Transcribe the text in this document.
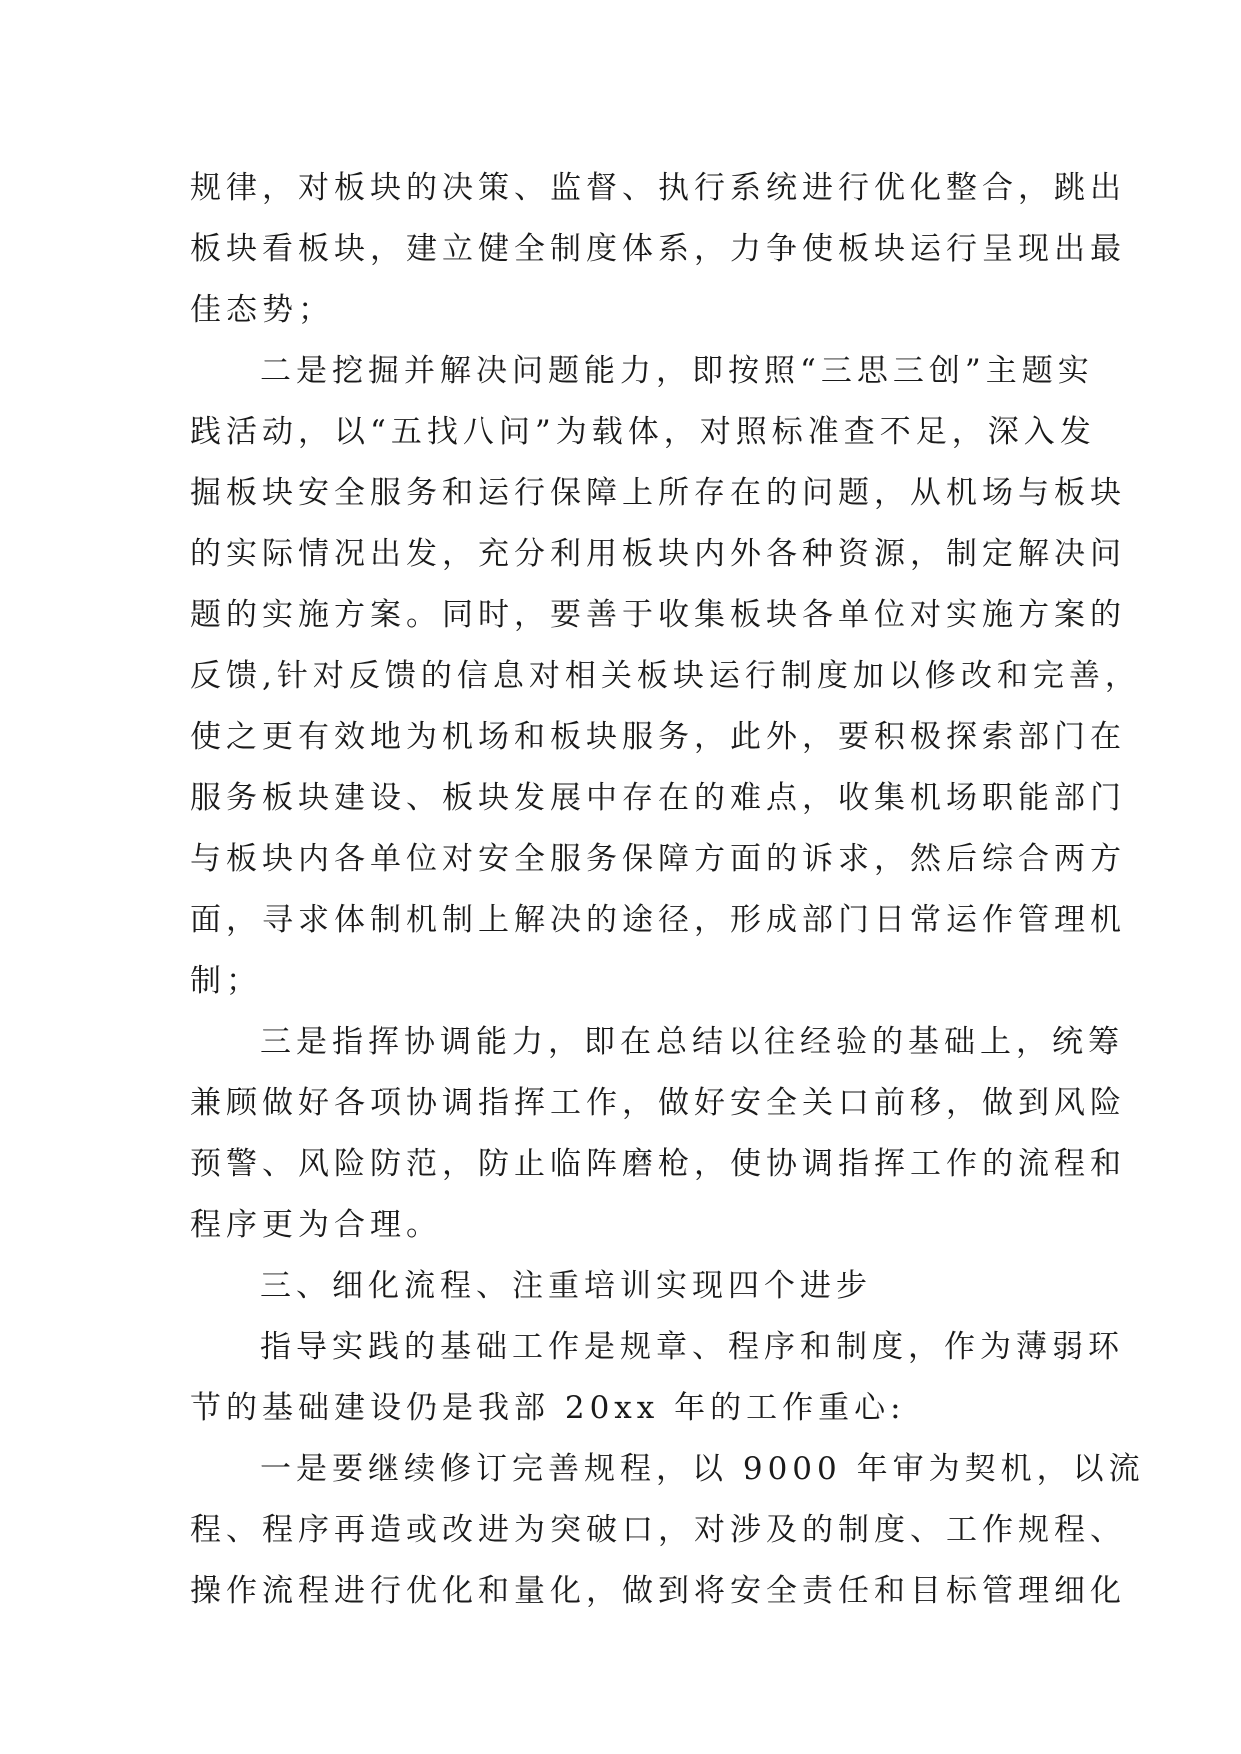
规律，对板块的决策、监督、执行系统进行优化整合，跳出
板块看板块，建立健全制度体系，力争使板块运行呈现出最
佳态势；
二是挖掘并解决问题能力，即按照“三思三创”主题实
践活动，以“五找八问”为载体，对照标准查不足，深入发
掘板块安全服务和运行保障上所存在的问题，从机场与板块
的实际情况出发，充分利用板块内外各种资源，制定解决问
题的实施方案。同时，要善于收集板块各单位对实施方案的
反馈,针对反馈的信息对相关板块运行制度加以修改和完善，
使之更有效地为机场和板块服务，此外，要积极探索部门在
服务板块建设、板块发展中存在的难点，收集机场职能部门
与板块内各单位对安全服务保障方面的诉求，然后综合两方
面，寻求体制机制上解决的途径，形成部门日常运作管理机
制；
三是指挥协调能力，即在总结以往经验的基础上，统筹
兼顾做好各项协调指挥工作，做好安全关口前移，做到风险
预警、风险防范，防止临阵磨枪，使协调指挥工作的流程和
程序更为合理。
三、细化流程、注重培训实现四个进步
指导实践的基础工作是规章、程序和制度，作为薄弱环
节的基础建设仍是我部 20xx 年的工作重心:
一是要继续修订完善规程，以 9000 年审为契机，以流
程、程序再造或改进为突破口，对涉及的制度、工作规程、
操作流程进行优化和量化，做到将安全责任和目标管理细化
